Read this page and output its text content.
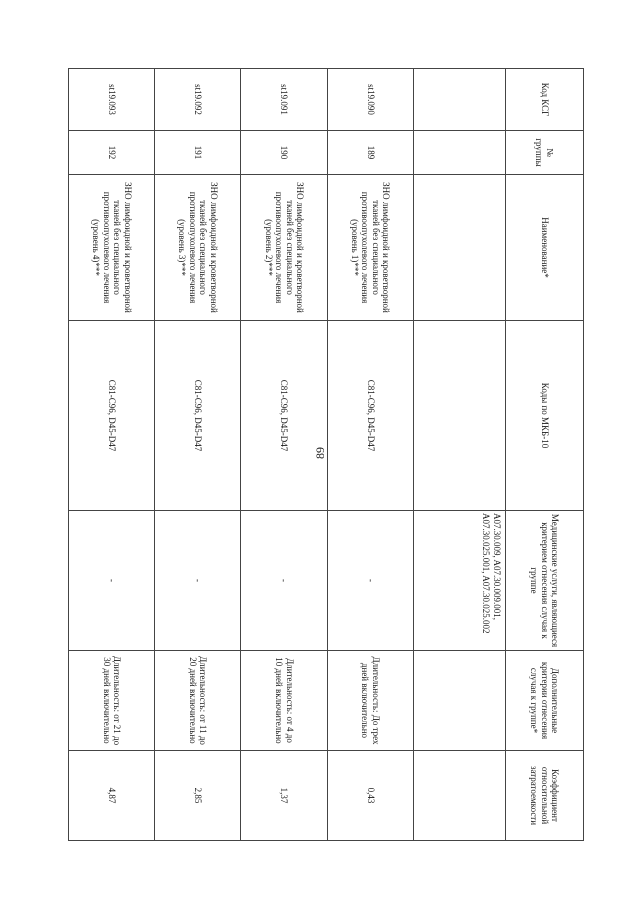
89
Код КСГ	№ группы	Наименование*	Коды по МКБ-10	Медицинские услуги, являющиеся критерием отнесения случая к группе	Дополнительные критерии отнесения случая к группе*	Коэффициент относительной затратоемкости
				A07.30.009, A07.30.009.001, A07.30.025.001, A07.30.025.002		
st19.090	189	ЗНО лимфоидной и кроветворной тканей без специального противоопухолевого лечения (уровень 1)***	C81-C96, D45-D47	-	Длительность: До трех дней включительно	0,43
st19.091	190	ЗНО лимфоидной и кроветворной тканей без специального противоопухолевого лечения (уровень 2)***	C81-C96, D45-D47	-	Длительность: от 4 до 10 дней включительно	1,37
st19.092	191	ЗНО лимфоидной и кроветворной тканей без специального противоопухолевого лечения (уровень 3)***	C81-C96, D45-D47	-	Длительность: от 11 до 20 дней включительно	2,85
st19.093	192	ЗНО лимфоидной и кроветворной тканей без специального противоопухолевого лечения (уровень 4)***	C81-C96, D45-D47	-	Длительность: от 21 до 30 дней включительно	4,87
